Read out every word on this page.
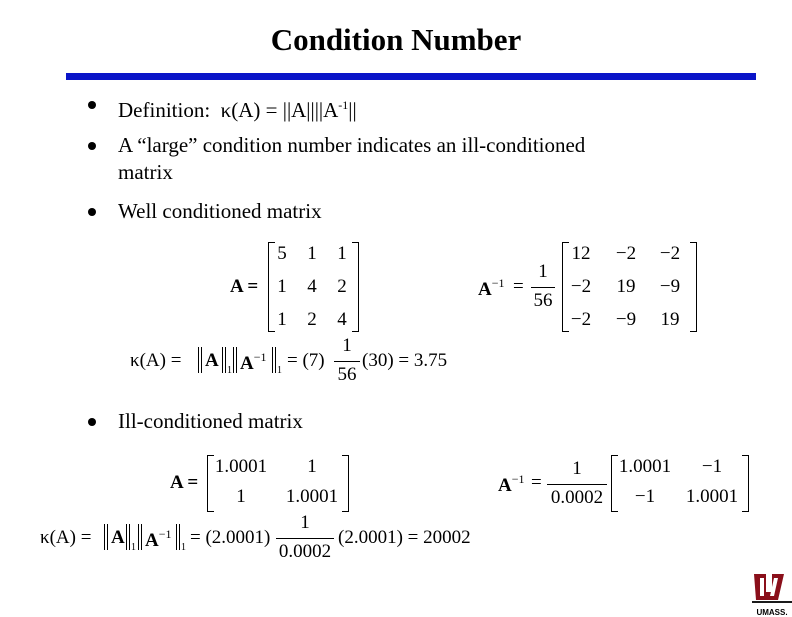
Condition Number
Definition: $\kappa(A) = ||A||||A^{-1}||$
A “large” condition number indicates an ill-conditioned
matrix
Well conditioned matrix
Ill-conditioned matrix
A =
5 1 1
1 4 2
1 2 4
$A^{-1}$ =
1
56
12	−2	−2
−2	19	−9
−2	−9	19
κ(A) = ‖ A ‖ 1 ‖ $A^{-1}$ ‖ 1 = (7)
1
56
(30) = 3.75
A =
1.0001	1
1	1.0001
$A^{-1}$ =
1
0.0002
1.0001	−1
−1	1.0001
κ(A) = ‖ A ‖ 1 ‖ $A^{-1}$ ‖ 1 = (2.0001)
1
0.0002
(2.0001) = 20002
UMASS.
